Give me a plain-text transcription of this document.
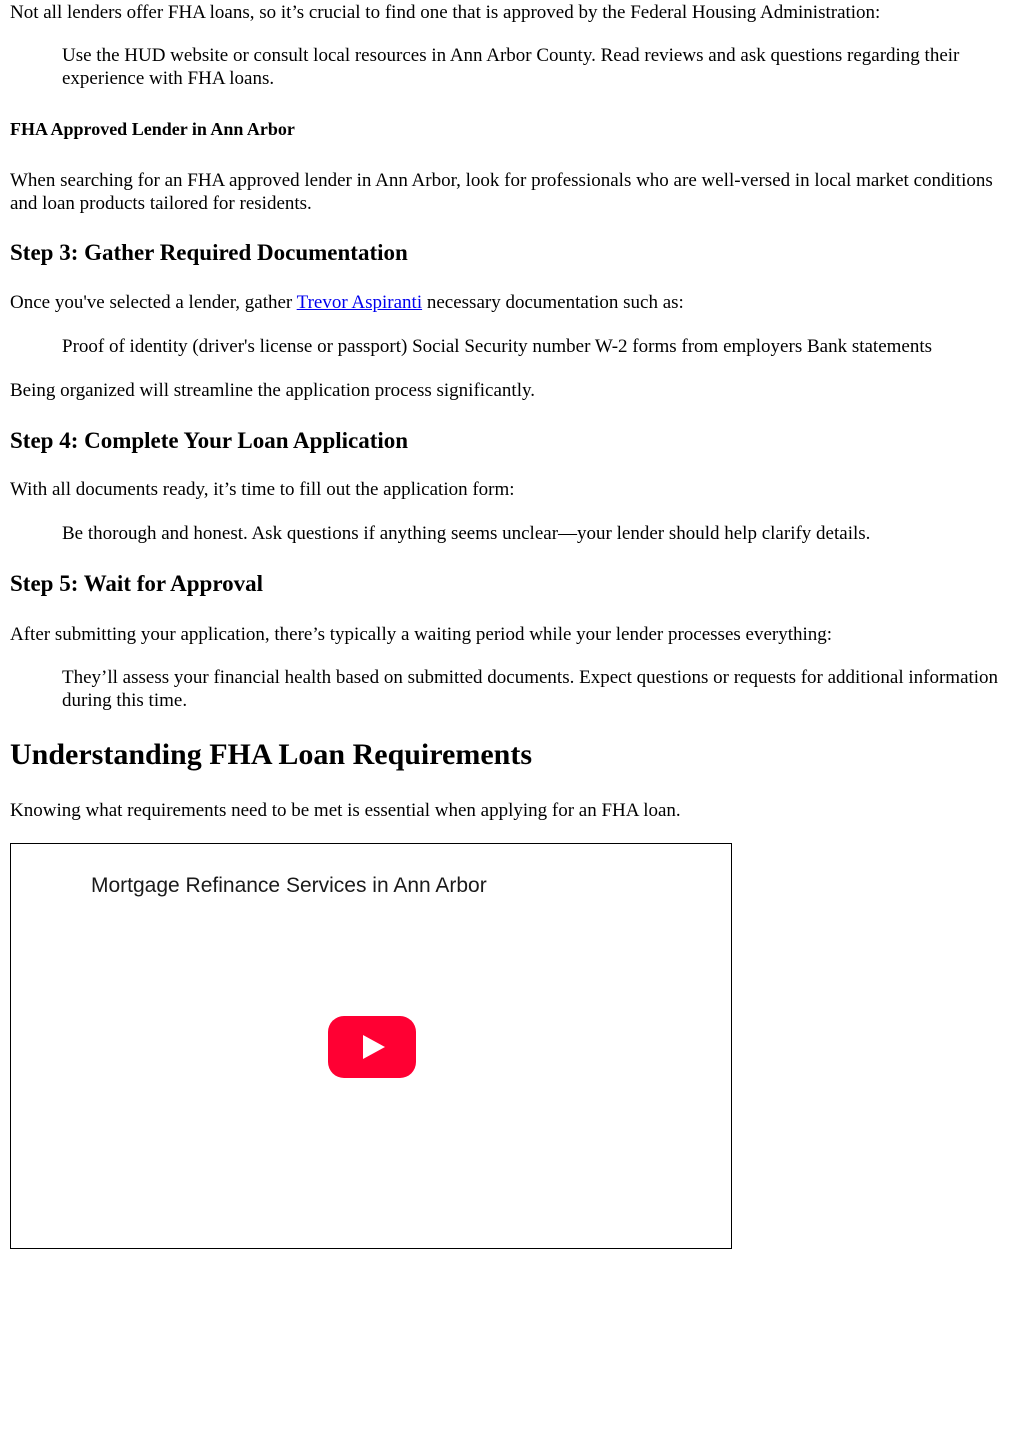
Not all lenders offer FHA loans, so it’s crucial to find one that is approved by the Federal Housing Administration:

Use the HUD website or consult local resources in Ann Arbor County. Read reviews and ask questions regarding their experience with FHA loans.
FHA Approved Lender in Ann Arbor

When searching for an FHA approved lender in Ann Arbor, look for professionals who are well-versed in local market conditions and loan products tailored for residents.

Step 3: Gather Required Documentation

Once you've selected a lender, gather Trevor Aspiranti necessary documentation such as:

Proof of identity (driver's license or passport) Social Security number W-2 forms from employers Bank statements

Being organized will streamline the application process significantly.

Step 4: Complete Your Loan Application

With all documents ready, it’s time to fill out the application form:

Be thorough and honest. Ask questions if anything seems unclear—your lender should help clarify details.
Step 5: Wait for Approval

After submitting your application, there’s typically a waiting period while your lender processes everything:

They’ll assess your financial health based on submitted documents. Expect questions or requests for additional information during this time.
Understanding FHA Loan Requirements

Knowing what requirements need to be met is essential when applying for an FHA loan.

Mortgage Refinance Services in Ann Arbor
